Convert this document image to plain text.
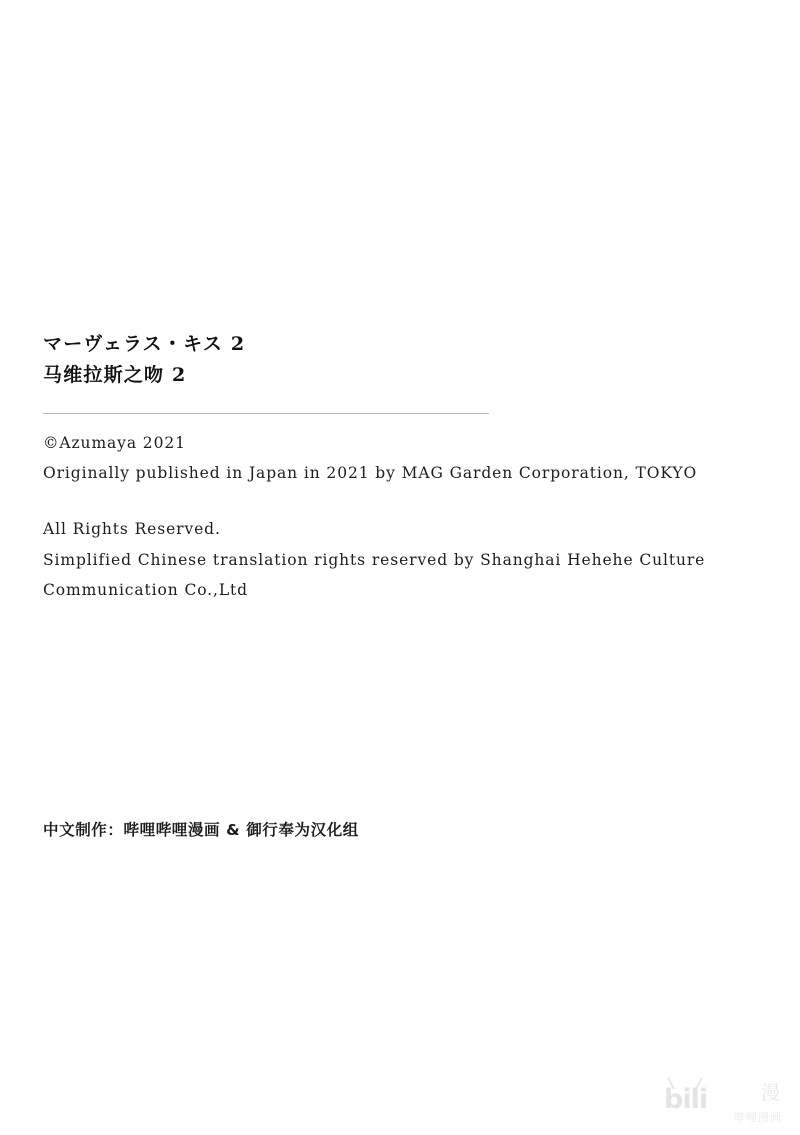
マーヴェラス・キス 2

马维拉斯之吻 2

©Azumaya 2021

Originally published in Japan in 2021 by MAG Garden Corporation, TOKYO

All Rights Reserved.

Simplified Chinese translation rights reserved by Shanghai Hehehe Culture Communication Co.,Ltd

中文制作：哔哩哔哩漫画 & 御行奉为汉化组
bili	漫
哔哩漫画
